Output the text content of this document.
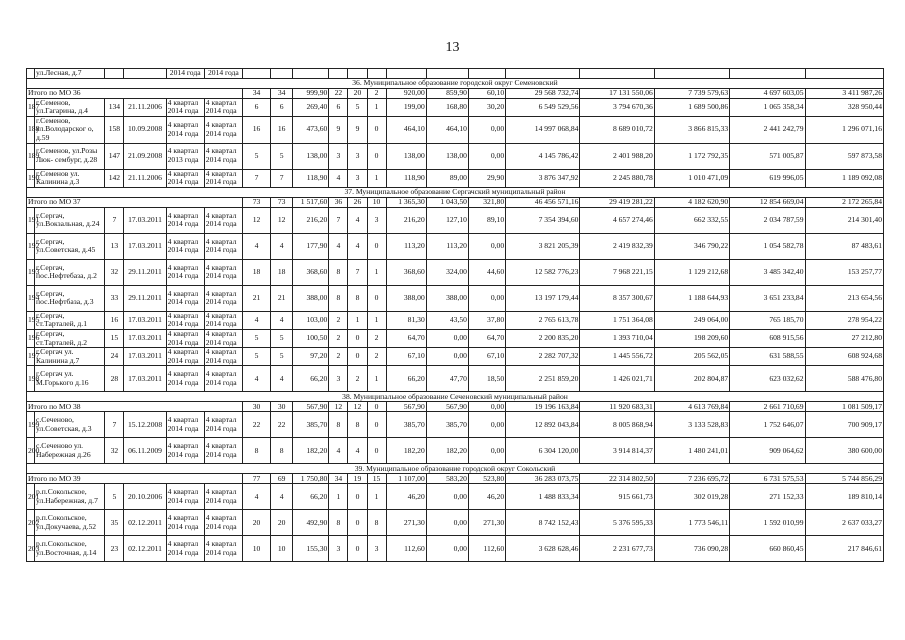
13
	ул.Лесная, д.7			2014 года	2014 года														
36. Муниципальное образование городской округ Семеновский																			
Итого по МО 36						34	34	999,90	22	20	2	920,00	859,90	60,10	29 568 732,74	17 131 550,06	7 739 579,63	4 697 603,05	3 411 987,26
187	г.Семенов, ул.Гагарина, д.4	134	21.11.2006	4 квартал 2014 года	4 квартал 2014 года	6	6	269,40	6	5	1	199,00	168,80	30,20	6 549 529,56	3 794 670,36	1 689 500,86	1 065 358,34	328 950,44
188	г.Семенов, ул.Володарског о, д.59	158	10.09.2008	4 квартал 2014 года	4 квартал 2014 года	16	16	473,60	9	9	0	464,10	464,10	0,00	14 997 068,84	8 689 010,72	3 866 815,33	2 441 242,79	1 296 071,16
189	г.Семенов, ул.Розы Люк- сембург, д.28	147	21.09.2008	4 квартал 2013 года	4 квартал 2014 года	5	5	138,00	3	3	0	138,00	138,00	0,00	4 145 786,42	2 401 988,20	1 172 792,35	571 005,87	597 873,58
190	г.Семенов ул. Калинина д.3	142	21.11.2006	4 квартал 2014 года	4 квартал 2014 года	7	7	118,90	4	3	1	118,90	89,00	29,90	3 876 347,92	2 245 880,78	1 010 471,09	619 996,05	1 189 092,08
37. Муниципальное образование Сергачский муниципальный район																			
Итого по МО 37						73	73	1 517,60	36	26	10	1 365,30	1 043,50	321,80	46 456 571,16	29 419 281,22	4 182 620,90	12 854 669,04	2 172 265,84
191	г.Сергач, ул.Вокзальная, д.24	7	17.03.2011	4 квартал 2014 года	4 квартал 2014 года	12	12	216,20	7	4	3	216,20	127,10	89,10	7 354 394,60	4 657 274,46	662 332,55	2 034 787,59	214 301,40
192	г.Сергач, ул.Советская, д.45	13	17.03.2011	4 квартал 2014 года	4 квартал 2014 года	4	4	177,90	4	4	0	113,20	113,20	0,00	3 821 205,39	2 419 832,39	346 790,22	1 054 582,78	87 483,61
193	г.Сергач, пос.Нефтебаза, д.2	32	29.11.2011	4 квартал 2014 года	4 квартал 2014 года	18	18	368,60	8	7	1	368,60	324,00	44,60	12 582 776,23	7 968 221,15	1 129 212,68	3 485 342,40	153 257,77
194	г.Сергач, пос.Нефтбаза, д.3	33	29.11.2011	4 квартал 2014 года	4 квартал 2014 года	21	21	388,00	8	8	0	388,00	388,00	0,00	13 197 179,44	8 357 300,67	1 188 644,93	3 651 233,84	213 654,56
195	г.Сергач, ст.Тарталей, д.1	16	17.03.2011	4 квартал 2014 года	4 квартал 2014 года	4	4	103,00	2	1	1	81,30	43,50	37,80	2 765 613,78	1 751 364,08	249 064,00	765 185,70	278 954,22
196	г.Сергач, ст.Тарталей, д.2	15	17.03.2011	4 квартал 2014 года	4 квартал 2014 года	5	5	100,50	2	0	2	64,70	0,00	64,70	2 200 835,20	1 393 710,04	198 209,60	608 915,56	27 212,80
197	г.Сергач ул. Калинина д.7	24	17.03.2011	4 квартал 2014 года	4 квартал 2014 года	5	5	97,20	2	0	2	67,10	0,00	67,10	2 282 707,32	1 445 556,72	205 562,05	631 588,55	608 924,68
198	г.Сергач ул. М.Горького д.16	28	17.03.2011	4 квартал 2014 года	4 квартал 2014 года	4	4	66,20	3	2	1	66,20	47,70	18,50	2 251 859,20	1 426 021,71	202 804,87	623 032,62	588 476,80
38. Муниципальное образование Сеченовский муниципальный район																			
Итого по МО 38						30	30	567,90	12	12	0	567,90	567,90	0,00	19 196 163,84	11 920 683,31	4 613 769,84	2 661 710,69	1 081 509,17
199	с.Сеченово, ул.Советская, д.3	7	15.12.2008	4 квартал 2014 года	4 квартал 2014 года	22	22	385,70	8	8	0	385,70	385,70	0,00	12 892 043,84	8 005 868,94	3 133 528,83	1 752 646,07	700 909,17
200	с.Сеченово ул. Набережная д.26	32	06.11.2009	4 квартал 2014 года	4 квартал 2014 года	8	8	182,20	4	4	0	182,20	182,20	0,00	6 304 120,00	3 914 814,37	1 480 241,01	909 064,62	380 600,00
39. Муниципальное образование городской округ Сокольский																			
Итого по МО 39						77	69	1 750,80	34	19	15	1 107,00	583,20	523,80	36 283 073,75	22 314 802,50	7 236 695,72	6 731 575,53	5 744 856,29
201	р.п.Сокольское, ул.Набережная, д.7	5	20.10.2006	4 квартал 2014 года	4 квартал 2014 года	4	4	66,20	1	0	1	46,20	0,00	46,20	1 488 833,34	915 661,73	302 019,28	271 152,33	189 810,14
202	р.п.Сокольское, ул.Докучаева, д.52	35	02.12.2011	4 квартал 2014 года	4 квартал 2014 года	20	20	492,90	8	0	8	271,30	0,00	271,30	8 742 152,43	5 376 595,33	1 773 546,11	1 592 010,99	2 637 033,27
203	р.п.Сокольское, ул.Восточная, д.14	23	02.12.2011	4 квартал 2014 года	4 квартал 2014 года	10	10	155,30	3	0	3	112,60	0,00	112,60	3 628 628,46	2 231 677,73	736 090,28	660 860,45	217 846,61
